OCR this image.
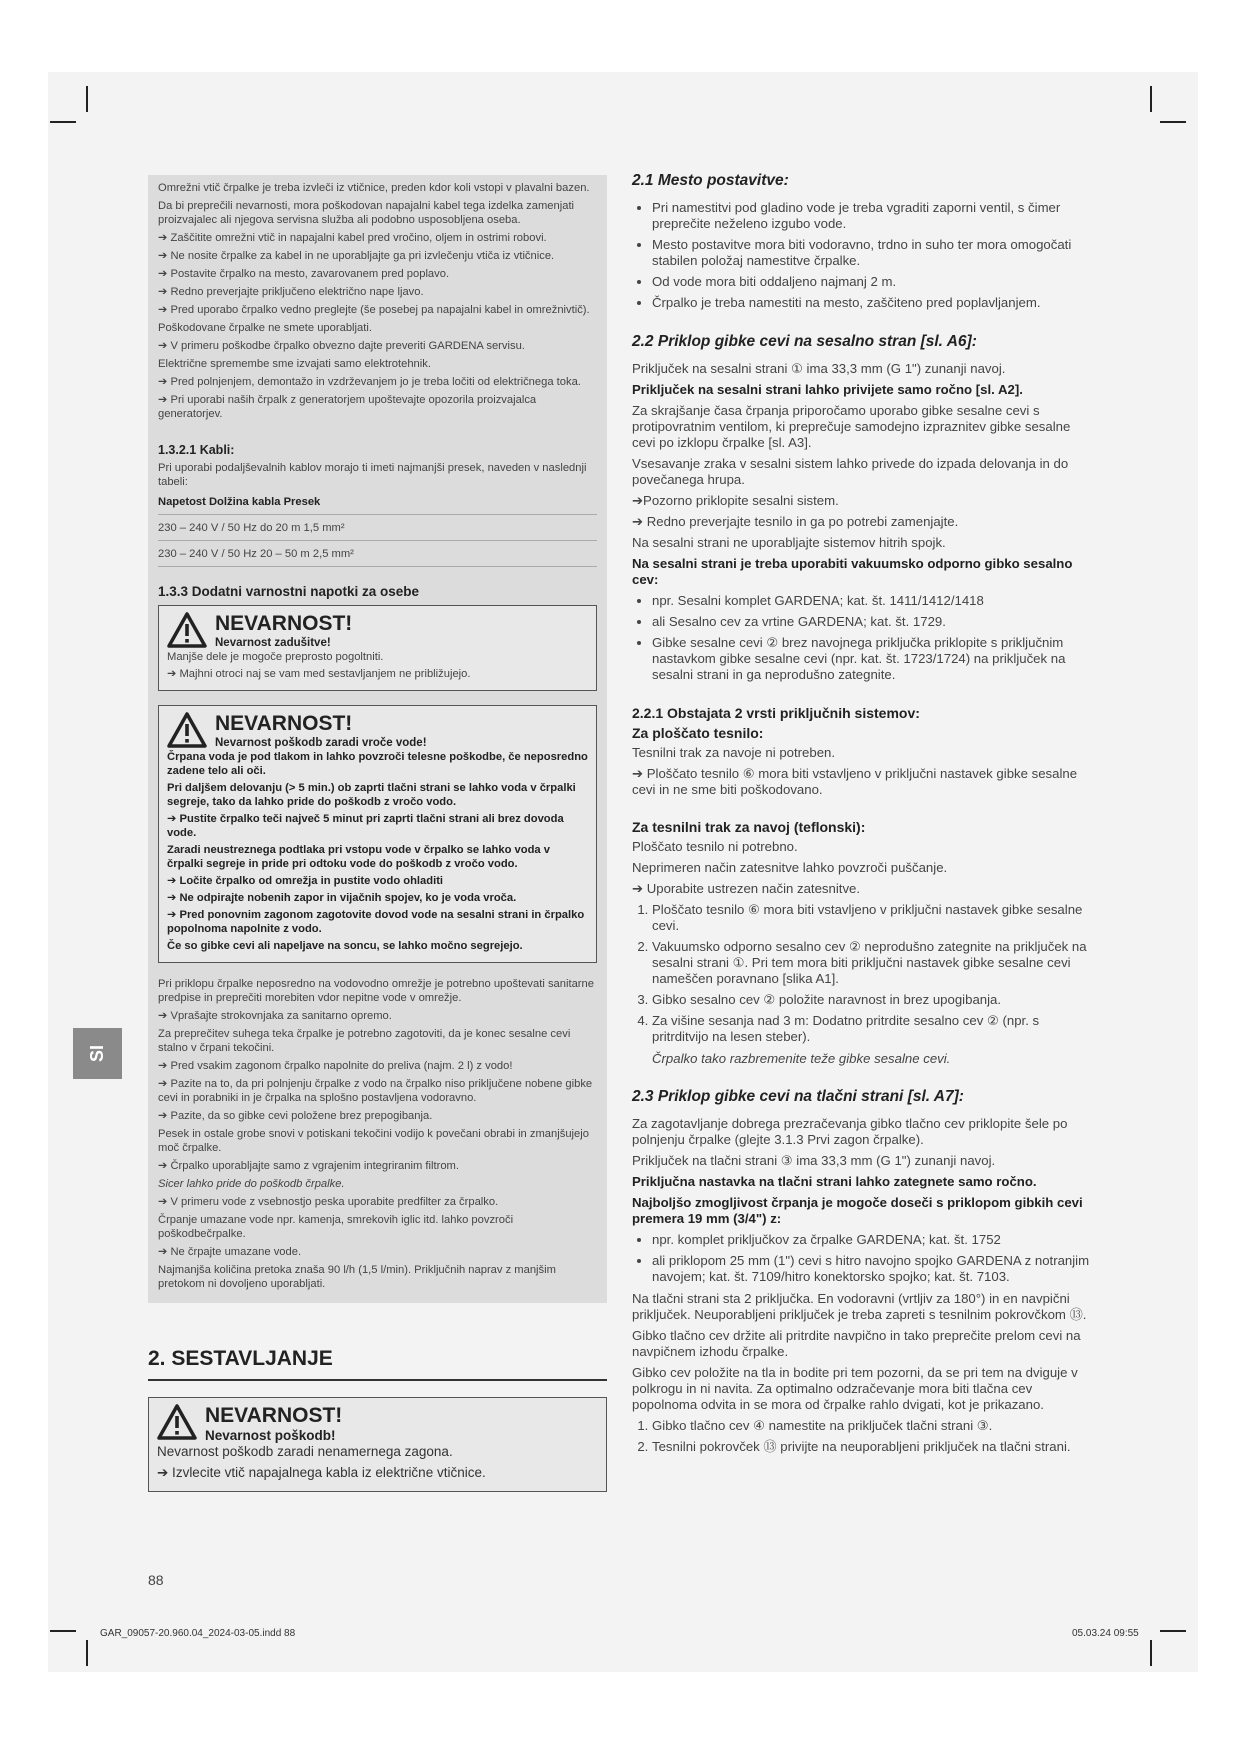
Omrežni vtič črpalke je treba izvleči iz vtičnice, preden kdor koli vstopi v plavalni bazen.

Da bi preprečili nevarnosti, mora poškodovan napajalni kabel tega izdelka zamenjati proizvajalec ali njegova servisna služba ali podobno usposobljena oseba.

➔ Zaščitite omrežni vtič in napajalni kabel pred vročino, oljem in ostrimi robovi.

➔ Ne nosite črpalke za kabel in ne uporabljajte ga pri izvlečenju vtiča iz vtičnice.

➔ Postavite črpalko na mesto, zavarovanem pred poplavo.

➔ Redno preverjajte priključeno električno nape ljavo.

➔ Pred uporabo črpalko vedno preglejte (še posebej pa napajalni kabel in omrežnivtič).

Poškodovane črpalke ne smete uporabljati.

➔ V primeru poškodbe črpalko obvezno dajte preveriti GARDENA servisu.

Električne spremembe sme izvajati samo elektrotehnik.

➔ Pred polnjenjem, demontažo in vzdrževanjem jo je treba ločiti od električnega toka.

➔ Pri uporabi naših črpalk z generatorjem upoštevajte opozorila proizvajalca generatorjev.

1.3.2.1 Kabli:

Pri uporabi podaljševalnih kablov morajo ti imeti najmanjši presek, naveden v naslednji tabeli:

Napetost Dolžina kabla Presek
230 – 240 V / 50 Hz do 20 m 1,5 mm²
230 – 240 V / 50 Hz 20 – 50 m 2,5 mm²
1.3.3 Dodatni varnostni napotki za osebe
NEVARNOST!
Nevarnost zadušitve!

Manjše dele je mogoče preprosto pogoltniti.

➔ Majhni otroci naj se vam med sestavljanjem ne približujejo.

NEVARNOST!
Nevarnost poškodb zaradi vroče vode!

Črpana voda je pod tlakom in lahko povzroči telesne poškodbe, če neposredno zadene telo ali oči.

Pri daljšem delovanju (> 5 min.) ob zaprti tlačni strani se lahko voda v črpalki segreje, tako da lahko pride do poškodb z vročo vodo.

➔ Pustite črpalko teči največ 5 minut pri zaprti tlačni strani ali brez dovoda vode.

Zaradi neustreznega podtlaka pri vstopu vode v črpalko se lahko voda v črpalki segreje in pride pri odtoku vode do poškodb z vročo vodo.

➔ Ločite črpalko od omrežja in pustite vodo ohladiti

➔ Ne odpirajte nobenih zapor in vijačnih spojev, ko je voda vroča.

➔ Pred ponovnim zagonom zagotovite dovod vode na sesalni strani in črpalko popolnoma napolnite z vodo.

Če so gibke cevi ali napeljave na soncu, se lahko močno segrejejo.

Pri priklopu črpalke neposredno na vodovodno omrežje je potrebno upoštevati sanitarne predpise in preprečiti morebiten vdor nepitne vode v omrežje.

➔ Vprašajte strokovnjaka za sanitarno opremo.

Za preprečitev suhega teka črpalke je potrebno zagotoviti, da je konec sesalne cevi stalno v črpani tekočini.

➔ Pred vsakim zagonom črpalko napolnite do preliva (najm. 2 l) z vodo!

➔ Pazite na to, da pri polnjenju črpalke z vodo na črpalko niso priključene nobene gibke cevi in porabniki in je črpalka na splošno postavljena vodoravno.

➔ Pazite, da so gibke cevi položene brez prepogibanja.

Pesek in ostale grobe snovi v potiskani tekočini vodijo k povečani obrabi in zmanjšujejo moč črpalke.

➔ Črpalko uporabljajte samo z vgrajenim integriranim filtrom.

Sicer lahko pride do poškodb črpalke.

➔ V primeru vode z vsebnostjo peska uporabite predfilter za črpalko.

Črpanje umazane vode npr. kamenja, smrekovih iglic itd. lahko povzroči poškodbečrpalke.

➔ Ne črpajte umazane vode.

Najmanjša količina pretoka znaša 90 l/h (1,5 l/min). Priključnih naprav z manjšim pretokom ni dovoljeno uporabljati.

2. SESTAVLJANJE
NEVARNOST!
Nevarnost poškodb!

Nevarnost poškodb zaradi nenamernega zagona.

➔ Izvlecite vtič napajalnega kabla iz električne vtičnice.

2.1 Mesto postavitve:
• Pri namestitvi pod gladino vode je treba vgraditi zaporni ventil, s čimer preprečite neželeno izgubo vode.
• Mesto postavitve mora biti vodoravno, trdno in suho ter mora omogočati stabilen položaj namestitve črpalke.
• Od vode mora biti oddaljeno najmanj 2 m.
• Črpalko je treba namestiti na mesto, zaščiteno pred poplavljanjem.
2.2 Priklop gibke cevi na sesalno stran [sl. A6]:

Priključek na sesalni strani ① ima 33,3 mm (G 1") zunanji navoj.

Priključek na sesalni strani lahko privijete samo ročno [sl. A2].

Za skrajšanje časa črpanja priporočamo uporabo gibke sesalne cevi s protipovratnim ventilom, ki preprečuje samodejno izpraznitev gibke sesalne cevi po izklopu črpalke [sl. A3].

Vsesavanje zraka v sesalni sistem lahko privede do izpada delovanja in do povečanega hrupa.

➔Pozorno priklopite sesalni sistem.

➔ Redno preverjajte tesnilo in ga po potrebi zamenjajte.

Na sesalni strani ne uporabljajte sistemov hitrih spojk.

Na sesalni strani je treba uporabiti vakuumsko odporno gibko sesalno cev:

• npr. Sesalni komplet GARDENA; kat. št. 1411/1412/1418
• ali Sesalno cev za vrtine GARDENA; kat. št. 1729.
• Gibke sesalne cevi ② brez navojnega priključka priklopite s priključnim nastavkom gibke sesalne cevi (npr. kat. št. 1723/1724) na priključek na sesalni strani in ga neprodušno zategnite.
2.2.1 Obstajata 2 vrsti priključnih sistemov:
Za ploščato tesnilo:

Tesnilni trak za navoje ni potreben.

➔ Ploščato tesnilo ⑥ mora biti vstavljeno v priključni nastavek gibke sesalne cevi in ne sme biti poškodovano.

Za tesnilni trak za navoj (teflonski):

Ploščato tesnilo ni potrebno.

Neprimeren način zatesnitve lahko povzroči puščanje.

➔ Uporabite ustrezen način zatesnitve.

1. Ploščato tesnilo ⑥ mora biti vstavljeno v priključni nastavek gibke sesalne cevi.
2. Vakuumsko odporno sesalno cev ② neprodušno zategnite na priključek na sesalni strani ①. Pri tem mora biti priključni nastavek gibke sesalne cevi nameščen poravnano [slika A1].
3. Gibko sesalno cev ② položite naravnost in brez upogibanja.
4. Za višine sesanja nad 3 m: Dodatno pritrdite sesalno cev ② (npr. s pritrditvijo na lesen steber).

Črpalko tako razbremenite teže gibke sesalne cevi.

2.3 Priklop gibke cevi na tlačni strani [sl. A7]:

Za zagotavljanje dobrega prezračevanja gibko tlačno cev priklopite šele po polnjenju črpalke (glejte 3.1.3 Prvi zagon črpalke).

Priključek na tlačni strani ③ ima 33,3 mm (G 1") zunanji navoj.

Priključna nastavka na tlačni strani lahko zategnete samo ročno.

Najboljšo zmogljivost črpanja je mogoče doseči s priklopom gibkih cevi premera 19 mm (3/4") z:

• npr. komplet priključkov za črpalke GARDENA; kat. št. 1752
• ali priklopom 25 mm (1") cevi s hitro navojno spojko GARDENA z notranjim navojem; kat. št. 7109/hitro konektorsko spojko; kat. št. 7103.

Na tlačni strani sta 2 priključka. En vodoravni (vrtljiv za 180°) in en navpični priključek. Neuporabljeni priključek je treba zapreti s tesnilnim pokrovčkom ⑬.

Gibko tlačno cev držite ali pritrdite navpično in tako preprečite prelom cevi na navpičnem izhodu črpalke.

Gibko cev položite na tla in bodite pri tem pozorni, da se pri tem na dviguje v polkrogu in ni navita. Za optimalno odzračevanje mora biti tlačna cev popolnoma odvita in se mora od črpalke rahlo dvigati, kot je prikazano.

1. Gibko tlačno cev ④ namestite na priključek tlačni strani ③.
2. Tesnilni pokrovček ⑬ privijte na neuporabljeni priključek na tlačni strani.
SI
88
GAR_09057-20.960.04_2024-03-05.indd 88	05.03.24 09:55
